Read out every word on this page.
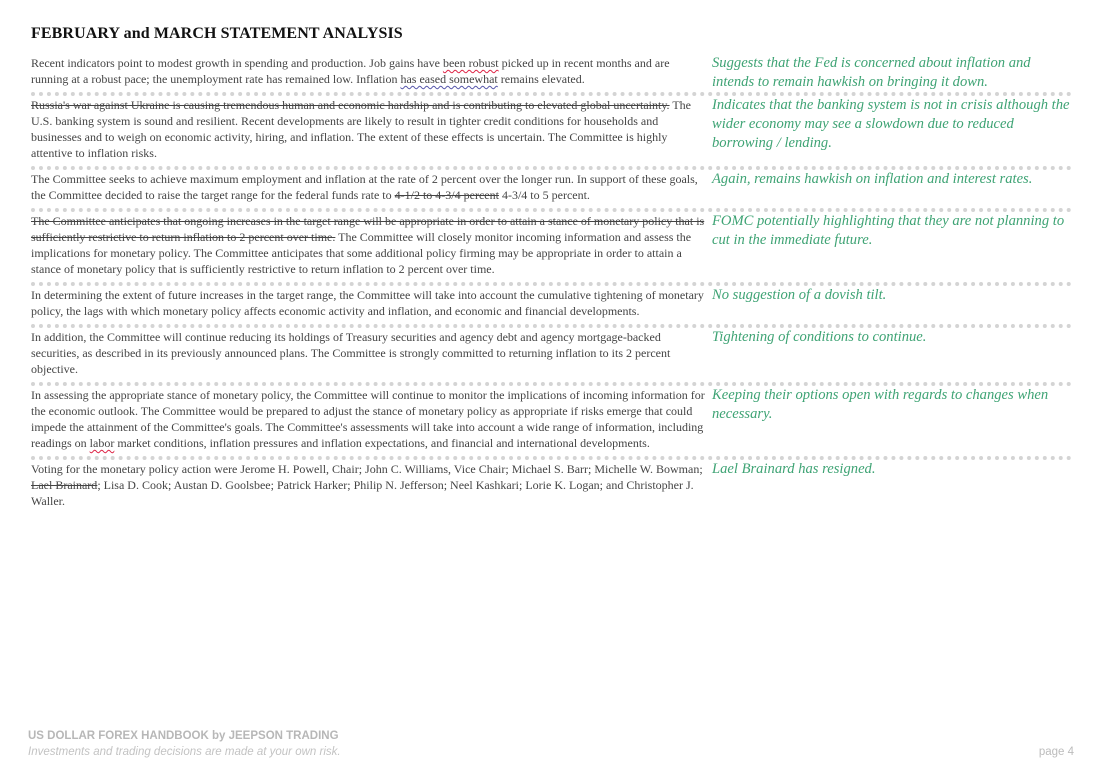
FEBRUARY and MARCH STATEMENT ANALYSIS
Recent indicators point to modest growth in spending and production. Job gains have been robust picked up in recent months and are running at a robust pace; the unemployment rate has remained low. Inflation has eased somewhat remains elevated.
Suggests that the Fed is concerned about inflation and intends to remain hawkish on bringing it down.
Russia's war against Ukraine is causing tremendous human and economic hardship and is contributing to elevated global uncertainty. The U.S. banking system is sound and resilient. Recent developments are likely to result in tighter credit conditions for households and businesses and to weigh on economic activity, hiring, and inflation. The extent of these effects is uncertain. The Committee is highly attentive to inflation risks.
Indicates that the banking system is not in crisis although the wider economy may see a slowdown due to reduced borrowing / lending.
The Committee seeks to achieve maximum employment and inflation at the rate of 2 percent over the longer run. In support of these goals, the Committee decided to raise the target range for the federal funds rate to 4-1/2 to 4-3/4 percent 4-3/4 to 5 percent.
Again, remains hawkish on inflation and interest rates.
The Committee anticipates that ongoing increases in the target range will be appropriate in order to attain a stance of monetary policy that is sufficiently restrictive to return inflation to 2 percent over time. The Committee will closely monitor incoming information and assess the implications for monetary policy. The Committee anticipates that some additional policy firming may be appropriate in order to attain a stance of monetary policy that is sufficiently restrictive to return inflation to 2 percent over time.
FOMC potentially highlighting that they are not planning to cut in the immediate future.
In determining the extent of future increases in the target range, the Committee will take into account the cumulative tightening of monetary policy, the lags with which monetary policy affects economic activity and inflation, and economic and financial developments.
No suggestion of a dovish tilt.
In addition, the Committee will continue reducing its holdings of Treasury securities and agency debt and agency mortgage-backed securities, as described in its previously announced plans. The Committee is strongly committed to returning inflation to its 2 percent objective.
Tightening of conditions to continue.
In assessing the appropriate stance of monetary policy, the Committee will continue to monitor the implications of incoming information for the economic outlook. The Committee would be prepared to adjust the stance of monetary policy as appropriate if risks emerge that could impede the attainment of the Committee's goals. The Committee's assessments will take into account a wide range of information, including readings on labor market conditions, inflation pressures and inflation expectations, and financial and international developments.
Keeping their options open with regards to changes when necessary.
Voting for the monetary policy action were Jerome H. Powell, Chair; John C. Williams, Vice Chair; Michael S. Barr; Michelle W. Bowman; Lael Brainard; Lisa D. Cook; Austan D. Goolsbee; Patrick Harker; Philip N. Jefferson; Neel Kashkari; Lorie K. Logan; and Christopher J. Waller.
Lael Brainard has resigned.
US DOLLAR FOREX HANDBOOK by JEEPSON TRADING
Investments and trading decisions are made at your own risk.	page 4
